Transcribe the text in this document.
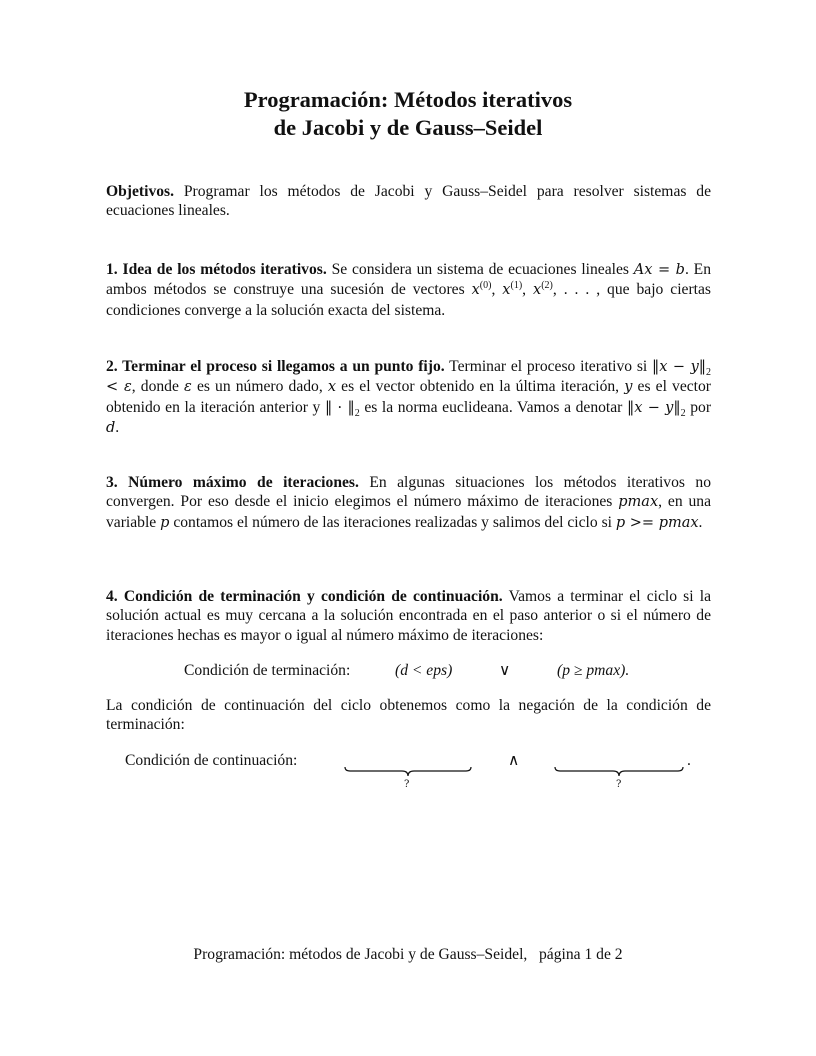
Programación: Métodos iterativos
de Jacobi y de Gauss–Seidel
Objetivos. Programar los métodos de Jacobi y Gauss–Seidel para resolver sistemas de ecuaciones lineales.
1. Idea de los métodos iterativos. Se considera un sistema de ecuaciones lineales Ax = b. En ambos métodos se construye una sucesión de vectores $x^{(0)}$, $x^{(1)}$, $x^{(2)}$, . . . , que bajo ciertas condiciones converge a la solución exacta del sistema.
2. Terminar el proceso si llegamos a un punto fijo. Terminar el proceso iterativo si ‖x − $y‖_2 < \varepsilon$, donde ε es un número dado, x es el vector obtenido en la última iteración, y es el vector obtenido en la iteración anterior y ‖ · $‖_2$ es la norma euclideana. Vamos a denotar ‖x − $y‖_2$ por d.
3. Número máximo de iteraciones. En algunas situaciones los métodos iterativos no convergen. Por eso desde el inicio elegimos el número máximo de iteraciones pmax, en una variable p contamos el número de las iteraciones realizadas y salimos del ciclo si p >= pmax.
4. Condición de terminación y condición de continuación. Vamos a terminar el ciclo si la solución actual es muy cercana a la solución encontrada en el paso anterior o si el número de iteraciones hechas es mayor o igual al número máximo de iteraciones:
Condición de terminación:	(d < eps)	∨	(p ≥ pmax).
La condición de continuación del ciclo obtenemos como la negación de la condición de terminación:
Condición de continuación:
?
∧
?
.
Programación: métodos de Jacobi y de Gauss–Seidel,   página 1 de 2
